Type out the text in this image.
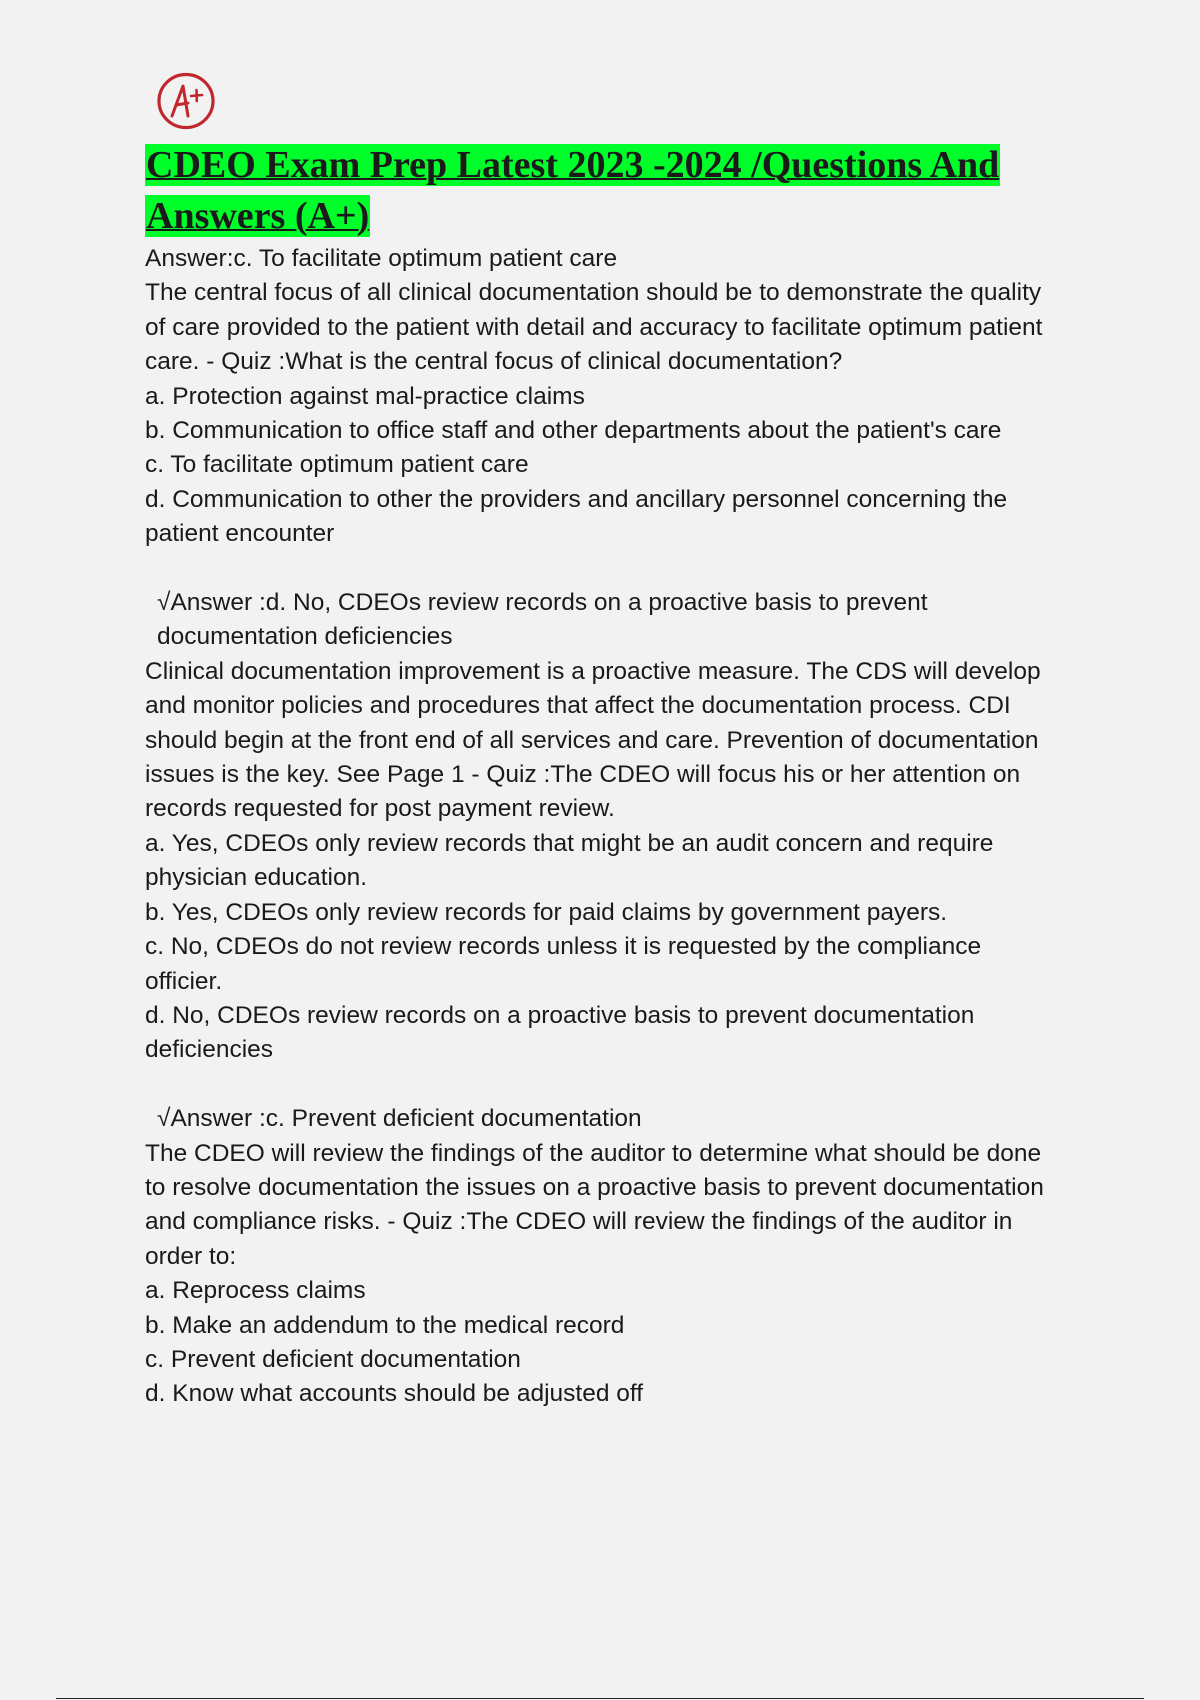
CDEO Exam Prep Latest 2023 -2024 /Questions And Answers (A+)

Answer:c. To facilitate optimum patient care

The central focus of all clinical documentation should be to demonstrate the quality of care provided to the patient with detail and accuracy to facilitate optimum patient care. - Quiz :What is the central focus of clinical documentation?

a. Protection against mal-practice claims

b. Communication to office staff and other departments about the patient's care

c. To facilitate optimum patient care

d. Communication to other the providers and ancillary personnel concerning the patient encounter

√Answer :d. No, CDEOs review records on a proactive basis to prevent documentation deficiencies

Clinical documentation improvement is a proactive measure. The CDS will develop and monitor policies and procedures that affect the documentation process. CDI should begin at the front end of all services and care. Prevention of documentation issues is the key. See Page 1 - Quiz :The CDEO will focus his or her attention on records requested for post payment review.

a. Yes, CDEOs only review records that might be an audit concern and require physician education.

b. Yes, CDEOs only review records for paid claims by government payers.

c. No, CDEOs do not review records unless it is requested by the compliance officier.

d. No, CDEOs review records on a proactive basis to prevent documentation deficiencies

√Answer :c. Prevent deficient documentation

The CDEO will review the findings of the auditor to determine what should be done to resolve documentation the issues on a proactive basis to prevent documentation and compliance risks. - Quiz :The CDEO will review the findings of the auditor in order to:

a. Reprocess claims

b. Make an addendum to the medical record

c. Prevent deficient documentation

d. Know what accounts should be adjusted off
